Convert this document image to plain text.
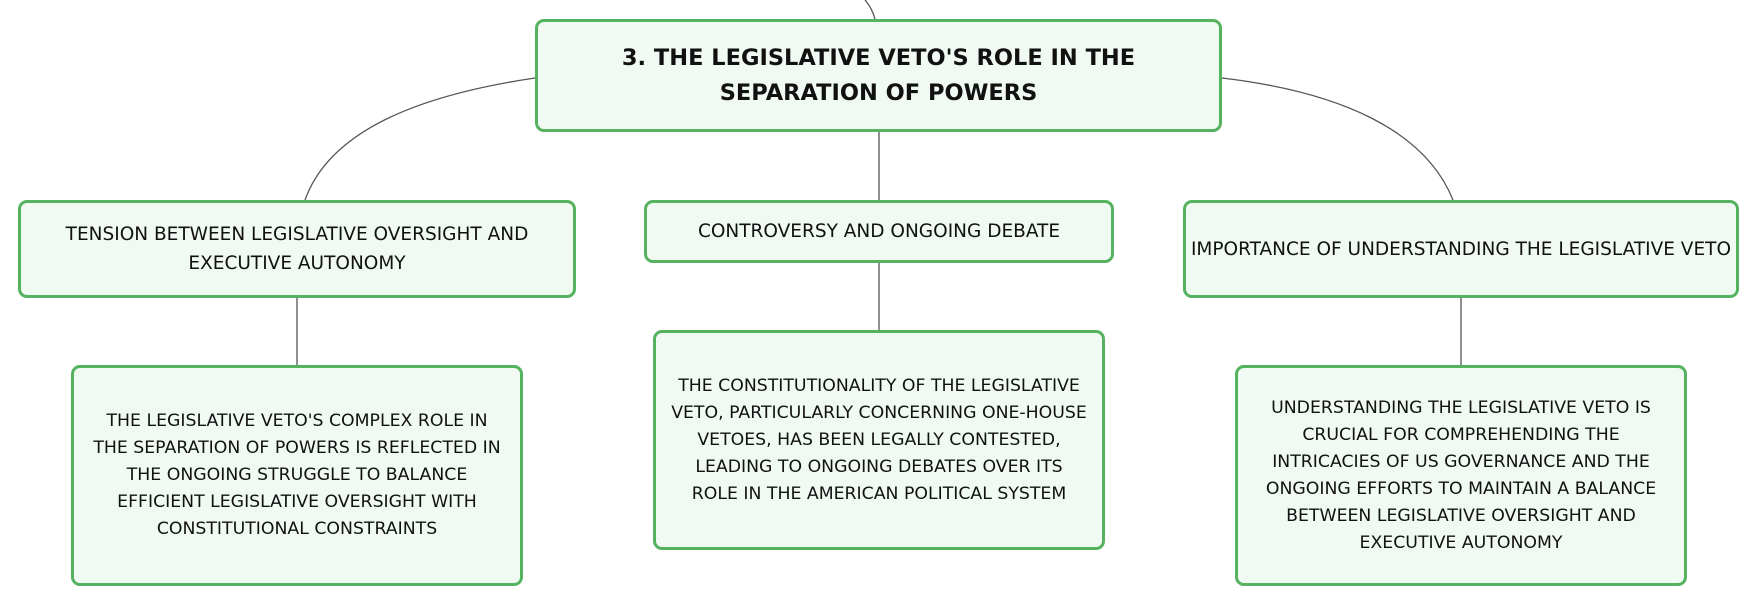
3. THE LEGISLATIVE VETO'S ROLE IN THE SEPARATION OF POWERS
TENSION BETWEEN LEGISLATIVE OVERSIGHT AND EXECUTIVE AUTONOMY
CONTROVERSY AND ONGOING DEBATE
IMPORTANCE OF UNDERSTANDING THE LEGISLATIVE VETO
THE LEGISLATIVE VETO'S COMPLEX ROLE IN THE SEPARATION OF POWERS IS REFLECTED IN THE ONGOING STRUGGLE TO BALANCE EFFICIENT LEGISLATIVE OVERSIGHT WITH CONSTITUTIONAL CONSTRAINTS
THE CONSTITUTIONALITY OF THE LEGISLATIVE VETO, PARTICULARLY CONCERNING ONE-HOUSE VETOES, HAS BEEN LEGALLY CONTESTED, LEADING TO ONGOING DEBATES OVER ITS ROLE IN THE AMERICAN POLITICAL SYSTEM
UNDERSTANDING THE LEGISLATIVE VETO IS CRUCIAL FOR COMPREHENDING THE INTRICACIES OF US GOVERNANCE AND THE ONGOING EFFORTS TO MAINTAIN A BALANCE BETWEEN LEGISLATIVE OVERSIGHT AND EXECUTIVE AUTONOMY
